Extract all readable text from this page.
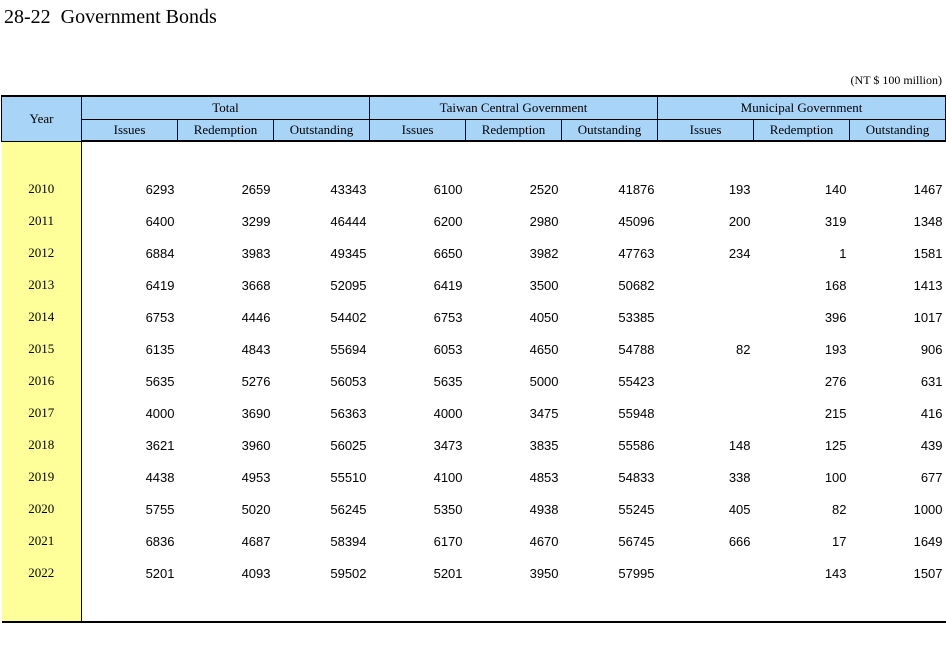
28-22  Government Bonds
(NT $ 100 million)
Year	Total			Taiwan Central Government			Municipal Government		
	Issues	Redemption	Outstanding	Issues	Redemption	Outstanding	Issues	Redemption	Outstanding

2010	6293	2659	43343	6100	2520	41876	193	140	1467
2011	6400	3299	46444	6200	2980	45096	200	319	1348
2012	6884	3983	49345	6650	3982	47763	234	1	1581
2013	6419	3668	52095	6419	3500	50682		168	1413
2014	6753	4446	54402	6753	4050	53385		396	1017
2015	6135	4843	55694	6053	4650	54788	82	193	906
2016	5635	5276	56053	5635	5000	55423		276	631
2017	4000	3690	56363	4000	3475	55948		215	416
2018	3621	3960	56025	3473	3835	55586	148	125	439
2019	4438	4953	55510	4100	4853	54833	338	100	677
2020	5755	5020	56245	5350	4938	55245	405	82	1000
2021	6836	4687	58394	6170	4670	56745	666	17	1649
2022	5201	4093	59502	5201	3950	57995		143	1507
